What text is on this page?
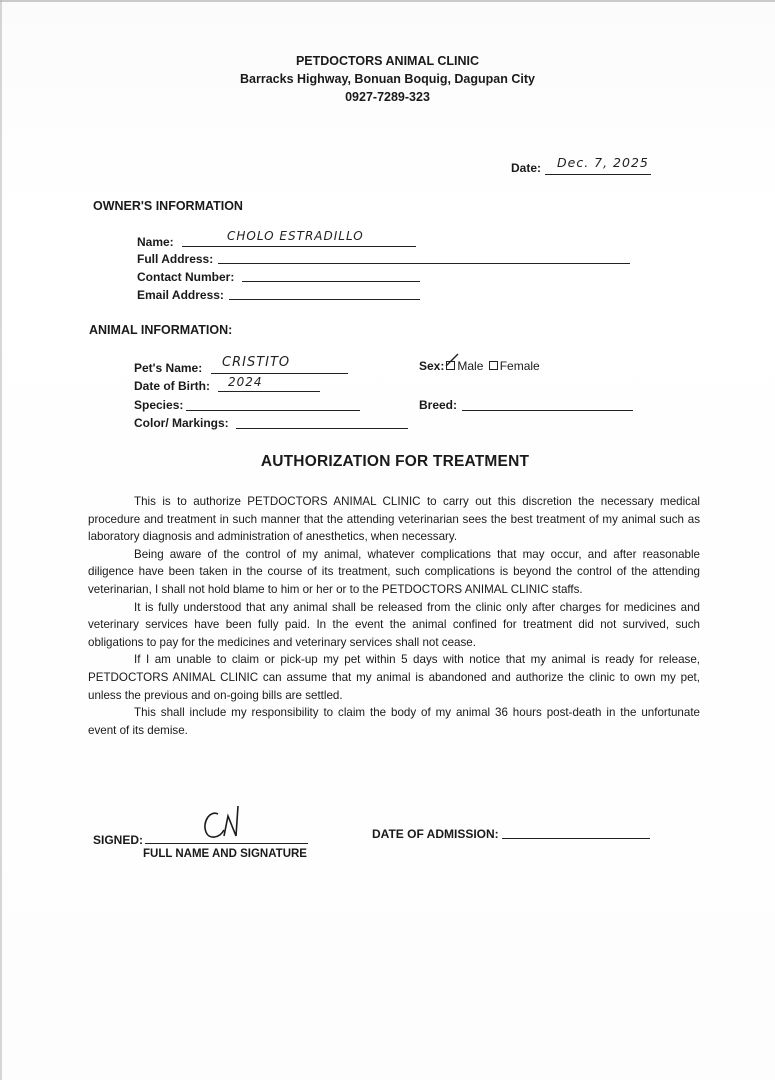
PETDOCTORS ANIMAL CLINIC
Barracks Highway, Bonuan Boquig, Dagupan City
0927-7289-323
Date: Dec. 7, 2025
OWNER'S INFORMATION
Name:	CHOLO ESTRADILLO
Full Address:
Contact Number:
Email Address:
ANIMAL INFORMATION:
Pet's Name: CRISTITO
Date of Birth: 2024
Species:
Color/ Markings:
Sex: Male Female
Breed:
AUTHORIZATION FOR TREATMENT

This is to authorize PETDOCTORS ANIMAL CLINIC to carry out this discretion the necessary medical procedure and treatment in such manner that the attending veterinarian sees the best treatment of my animal such as laboratory diagnosis and administration of anesthetics, when necessary.

Being aware of the control of my animal, whatever complications that may occur, and after reasonable diligence have been taken in the course of its treatment, such complications is beyond the control of the attending veterinarian, I shall not hold blame to him or her or to the PETDOCTORS ANIMAL CLINIC staffs.

It is fully understood that any animal shall be released from the clinic only after charges for medicines and veterinary services have been fully paid. In the event the animal confined for treatment did not survived, such obligations to pay for the medicines and veterinary services shall not cease.

If I am unable to claim or pick-up my pet within 5 days with notice that my animal is ready for release, PETDOCTORS ANIMAL CLINIC can assume that my animal is abandoned and authorize the clinic to own my pet, unless the previous and on-going bills are settled.

This shall include my responsibility to claim the body of my animal 36 hours post-death in the unfortunate event of its demise.

SIGNED:
FULL NAME AND SIGNATURE
DATE OF ADMISSION:
